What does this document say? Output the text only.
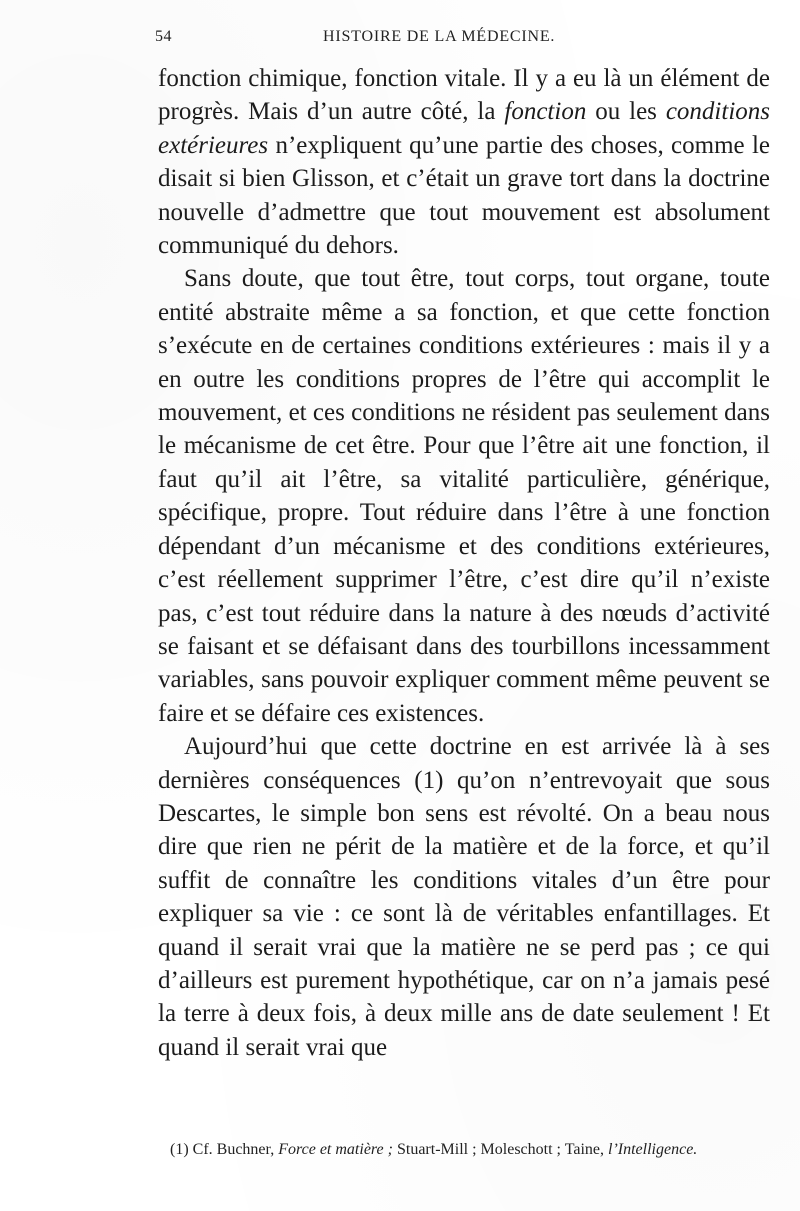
54	HISTOIRE DE LA MÉDECINE.

fonction chimique, fonction vitale. Il y a eu là un élément de progrès. Mais d’un autre côté, la fonction ou les conditions extérieures n’expliquent qu’une partie des choses, comme le disait si bien Glisson, et c’était un grave tort dans la doctrine nouvelle d’admettre que tout mouvement est absolument communiqué du dehors.

Sans doute, que tout être, tout corps, tout organe, toute entité abstraite même a sa fonction, et que cette fonction s’exécute en de certaines conditions extérieures : mais il y a en outre les conditions propres de l’être qui accomplit le mouvement, et ces conditions ne résident pas seulement dans le mécanisme de cet être. Pour que l’être ait une fonction, il faut qu’il ait l’être, sa vitalité particulière, générique, spécifique, propre. Tout réduire dans l’être à une fonction dépendant d’un mécanisme et des conditions extérieures, c’est réellement supprimer l’être, c’est dire qu’il n’existe pas, c’est tout réduire dans la nature à des nœuds d’activité se faisant et se défaisant dans des tourbillons incessamment variables, sans pouvoir expliquer comment même peuvent se faire et se défaire ces existences.

Aujourd’hui que cette doctrine en est arrivée là à ses dernières conséquences (1) qu’on n’entrevoyait que sous Descartes, le simple bon sens est révolté. On a beau nous dire que rien ne périt de la matière et de la force, et qu’il suffit de connaître les conditions vitales d’un être pour expliquer sa vie : ce sont là de véritables enfantillages. Et quand il serait vrai que la matière ne se perd pas ; ce qui d’ailleurs est purement hypothétique, car on n’a jamais pesé la terre à deux fois, à deux mille ans de date seulement ! Et quand il serait vrai que

(1) Cf. Buchner, Force et matière ; Stuart-Mill ; Moleschott ; Taine, l’Intelligence.
